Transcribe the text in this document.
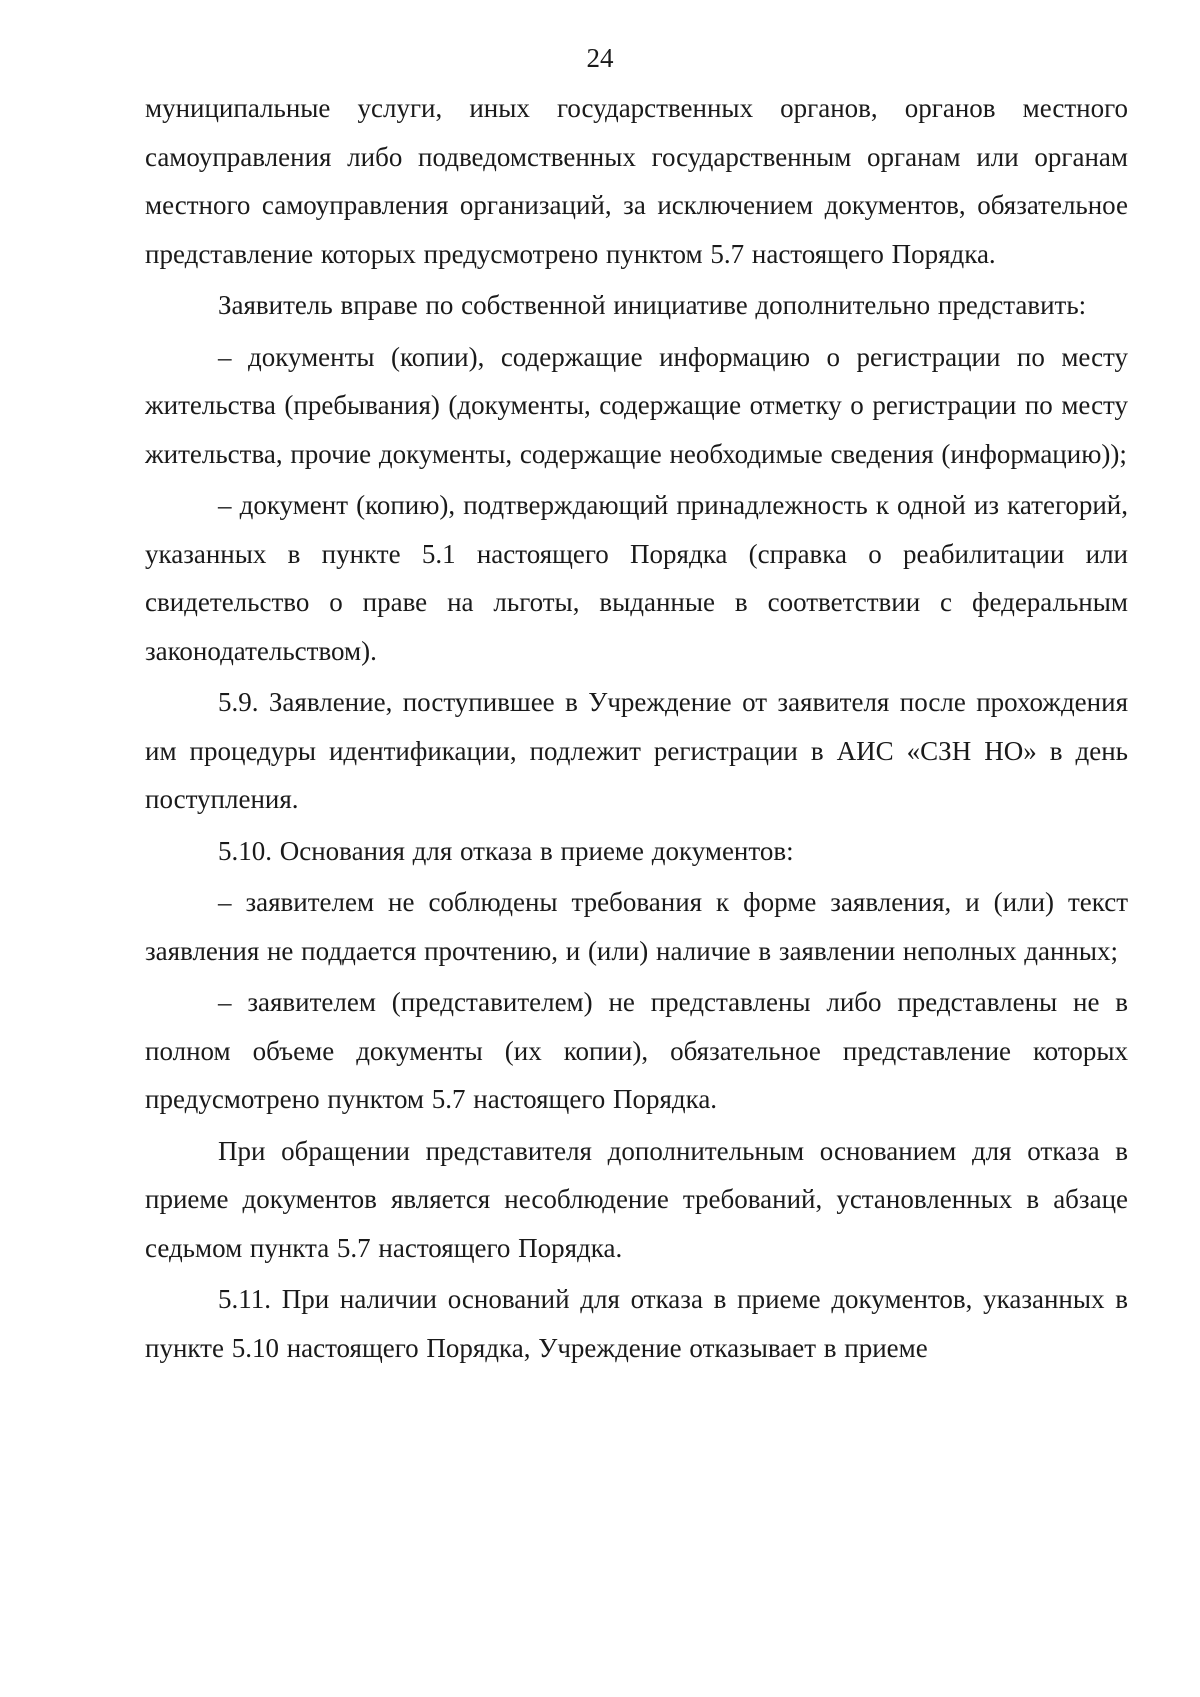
24

муниципальные услуги, иных государственных органов, органов местного самоуправления либо подведомственных государственным органам или органам местного самоуправления организаций, за исключением документов, обязательное представление которых предусмотрено пунктом 5.7 настоящего Порядка.

Заявитель вправе по собственной инициативе дополнительно представить:

– документы (копии), содержащие информацию о регистрации по месту жительства (пребывания) (документы, содержащие отметку о регистрации по месту жительства, прочие документы, содержащие необходимые сведения (информацию));

– документ (копию), подтверждающий принадлежность к одной из категорий, указанных в пункте 5.1 настоящего Порядка (справка о реабилитации или свидетельство о праве на льготы, выданные в соответствии с федеральным законодательством).

5.9. Заявление, поступившее в Учреждение от заявителя после прохождения им процедуры идентификации, подлежит регистрации в АИС «СЗН НО» в день поступления.

5.10. Основания для отказа в приеме документов:

– заявителем не соблюдены требования к форме заявления, и (или) текст заявления не поддается прочтению, и (или) наличие в заявлении неполных данных;

– заявителем (представителем) не представлены либо представлены не в полном объеме документы (их копии), обязательное представление которых предусмотрено пунктом 5.7 настоящего Порядка.

При обращении представителя дополнительным основанием для отказа в приеме документов является несоблюдение требований, установленных в абзаце седьмом пункта 5.7 настоящего Порядка.

5.11. При наличии оснований для отказа в приеме документов, указанных в пункте 5.10 настоящего Порядка, Учреждение отказывает в приеме
